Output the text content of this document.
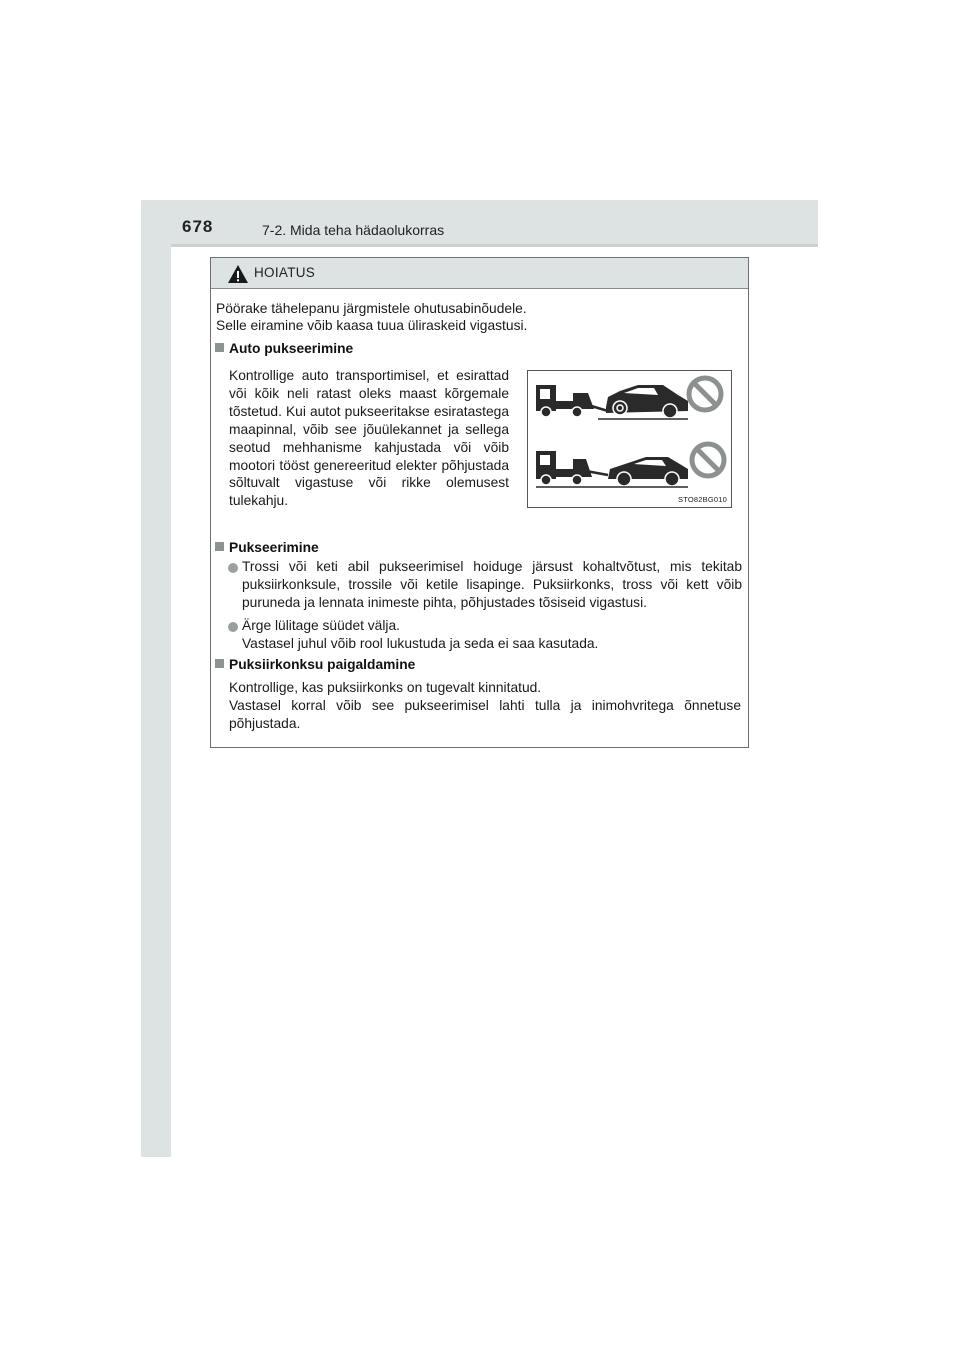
678	7-2. Mida teha hädaolukorras
HOIATUS
Pöörake tähelepanu järgmistele ohutusabinõudele.
Selle eiramine võib kaasa tuua üliraskeid vigastusi.
Auto pukseerimine
Kontrollige auto transportimisel, et esirattad või kõik neli ratast oleks maast kõrgemale tõstetud. Kui autot pukseeritakse esiratastega maapinnal, võib see jõuülekannet ja sellega seotud mehhanisme kahjustada või võib mootori tööst genereeritud elekter põhjustada sõltuvalt vigastuse või rikke olemusest tulekahju.	STO82BG010
Pukseerimine
Trossi või keti abil pukseerimisel hoiduge järsust kohaltvõtust, mis tekitab puksiirkonksule, trossile või ketile lisapinge. Puksiirkonks, tross või kett võib puruneda ja lennata inimeste pihta, põhjustades tõsiseid vigastusi.
Ärge lülitage süüdet välja.
Vastasel juhul võib rool lukustuda ja seda ei saa kasutada.
Puksiirkonksu paigaldamine
Kontrollige, kas puksiirkonks on tugevalt kinnitatud.
Vastasel korral võib see pukseerimisel lahti tulla ja inimohvritega õnnetuse põhjustada.
